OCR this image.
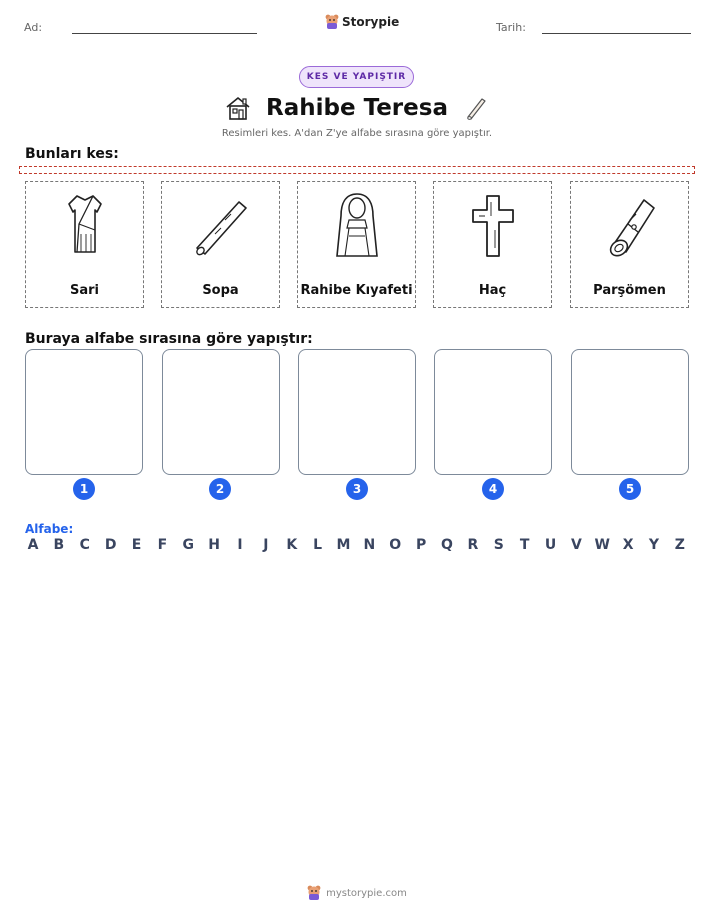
Ad:	Storypie	Tarih:
KES VE YAPIŞTIR
Rahibe Teresa
Resimleri kes. A'dan Z'ye alfabe sırasına göre yapıştır.
Bunları kes:
Sari	Sopa	Rahibe Kıyafeti	Haç	Parşömen
Buraya alfabe sırasına göre yapıştır:
1	2	3	4	5
Alfabe:
A B C D E F G H	I	J	K L M N O P Q R S T U V W X Y Z
mystorypie.com
